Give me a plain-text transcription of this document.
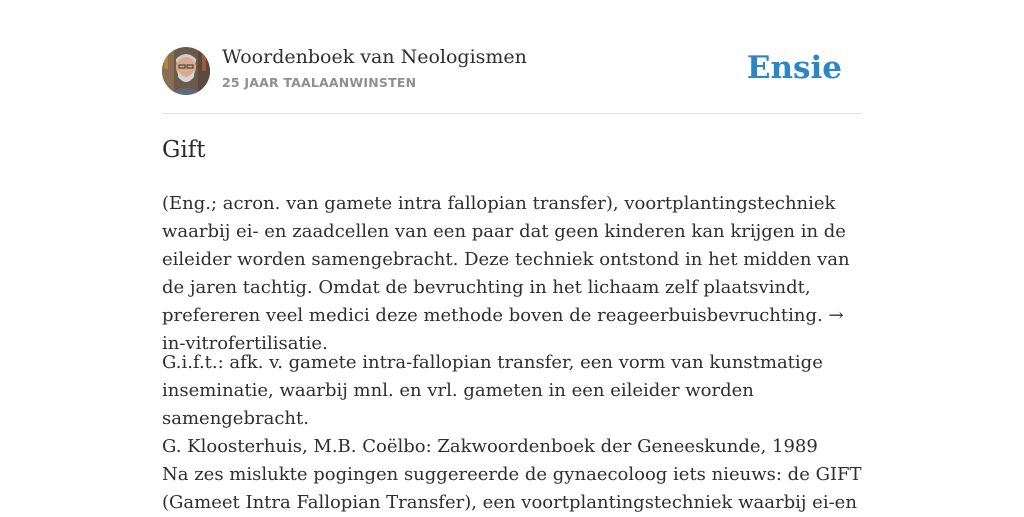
Woordenboek van Neologismen
25 JAAR TAALAANWINSTEN	Ensie
Gift

(Eng.; acron. van gamete intra fallopian transfer), voortplantingstechniek waarbij ei- en zaadcellen van een paar dat geen kinderen kan krijgen in de eileider worden samengebracht. Deze techniek ontstond in het midden van de jaren tachtig. Omdat de bevruchting in het lichaam zelf plaatsvindt, prefereren veel medici deze methode boven de reageerbuisbevruchting. → in-vitrofertilisatie.

G.i.f.t.: afk. v. gamete intra-fallopian transfer, een vorm van kunstmatige inseminatie, waarbij mnl. en vrl. gameten in een eileider worden samengebracht.
G. Kloosterhuis, M.B. Coëlbo: Zakwoordenboek der Geneeskunde, 1989

Na zes mislukte pogingen suggereerde de gynaecoloog iets nieuws: de GIFT (Gameet Intra Fallopian Transfer), een voortplantingstechniek waarbij ei-en
